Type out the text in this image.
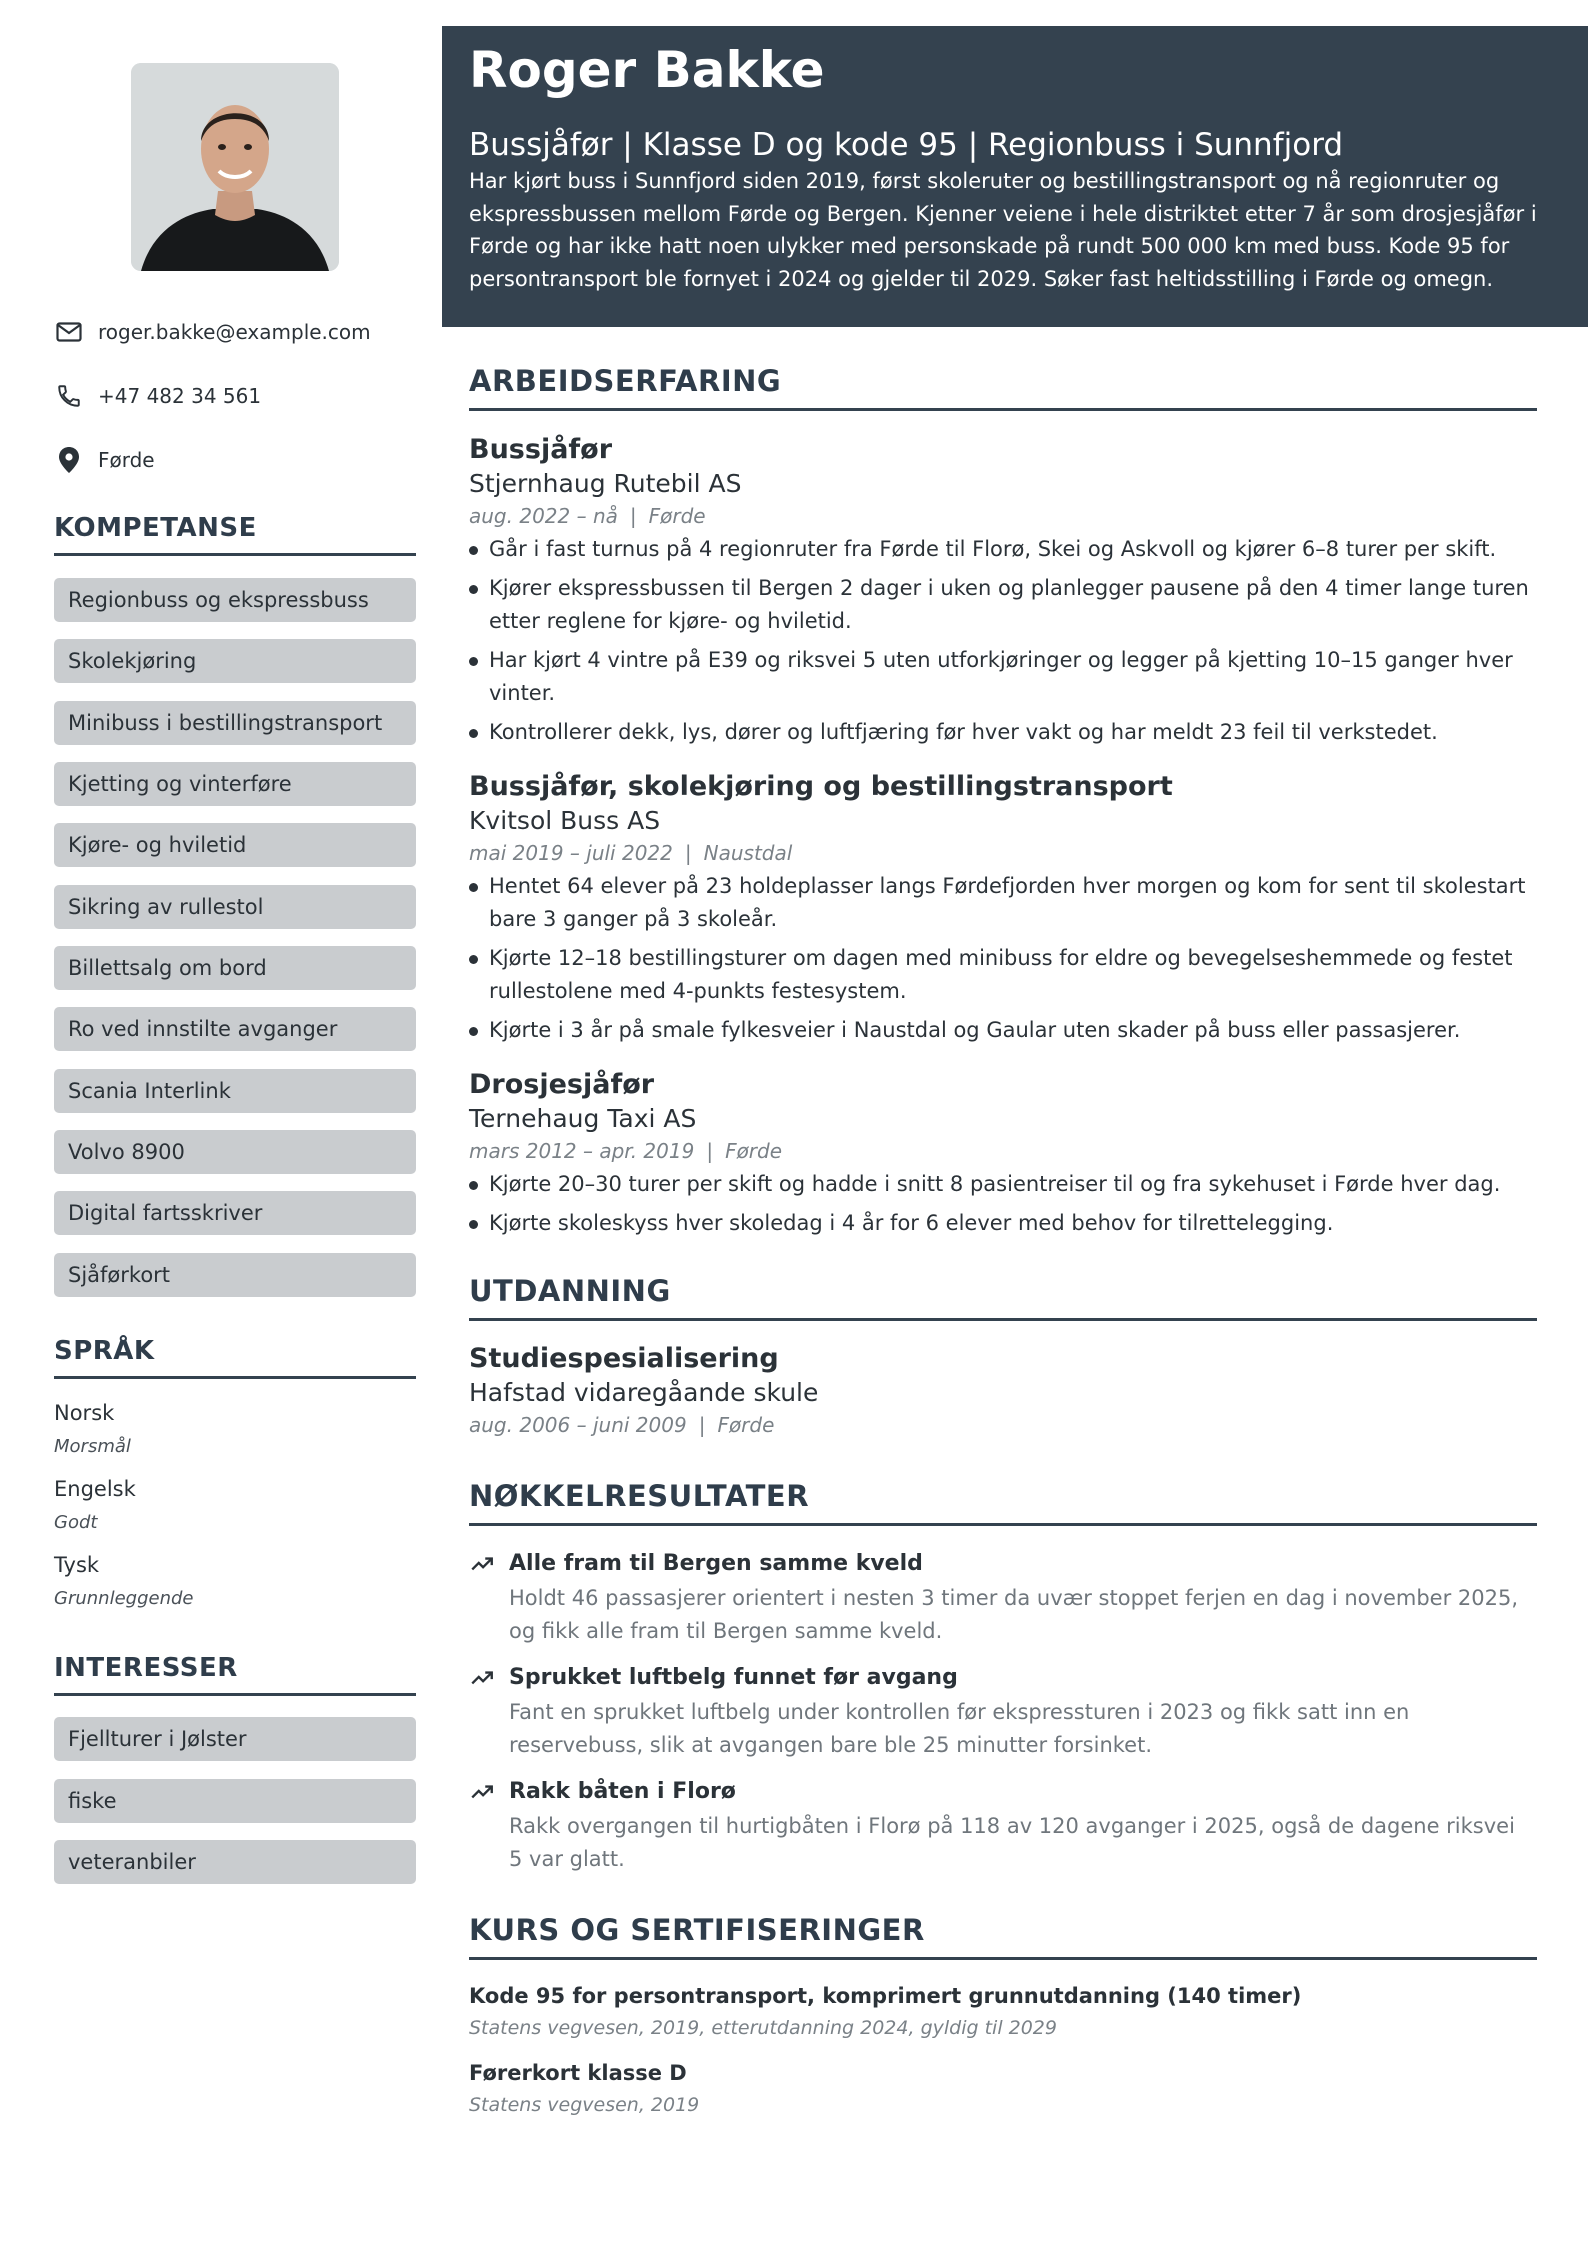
roger.bakke@example.com
+47 482 34 561
Førde
KOMPETANSE
Regionbuss og ekspressbuss
Skolekjøring
Minibuss i bestillingstransport
Kjetting og vinterføre
Kjøre- og hviletid
Sikring av rullestol
Billettsalg om bord
Ro ved innstilte avganger
Scania Interlink
Volvo 8900
Digital fartsskriver
Sjåførkort
SPRÅK
Norsk
Morsmål
Engelsk
Godt
Tysk
Grunnleggende
INTERESSER
Fjellturer i Jølster
fiske
veteranbiler
Roger Bakke
Bussjåfør | Klasse D og kode 95 | Regionbuss i Sunnfjord
Har kjørt buss i Sunnfjord siden 2019, først skoleruter og bestillingstransport og nå regionruter og ekspressbussen mellom Førde og Bergen. Kjenner veiene i hele distriktet etter 7 år som drosjesjåfør i Førde og har ikke hatt noen ulykker med personskade på rundt 500 000 km med buss. Kode 95 for persontransport ble fornyet i 2024 og gjelder til 2029. Søker fast heltidsstilling i Førde og omegn.
ARBEIDSERFARING
Bussjåfør
Stjernhaug Rutebil AS
aug. 2022 – nå | Førde
Går i fast turnus på 4 regionruter fra Førde til Florø, Skei og Askvoll og kjører 6–8 turer per skift.
Kjører ekspressbussen til Bergen 2 dager i uken og planlegger pausene på den 4 timer lange turen etter reglene for kjøre- og hviletid.
Har kjørt 4 vintre på E39 og riksvei 5 uten utforkjøringer og legger på kjetting 10–15 ganger hver vinter.
Kontrollerer dekk, lys, dører og luftfjæring før hver vakt og har meldt 23 feil til verkstedet.
Bussjåfør, skolekjøring og bestillingstransport
Kvitsol Buss AS
mai 2019 – juli 2022 | Naustdal
Hentet 64 elever på 23 holdeplasser langs Førdefjorden hver morgen og kom for sent til skolestart bare 3 ganger på 3 skoleår.
Kjørte 12–18 bestillingsturer om dagen med minibuss for eldre og bevegelseshemmede og festet rullestolene med 4-punkts festesystem.
Kjørte i 3 år på smale fylkesveier i Naustdal og Gaular uten skader på buss eller passasjerer.
Drosjesjåfør
Ternehaug Taxi AS
mars 2012 – apr. 2019 | Førde
Kjørte 20–30 turer per skift og hadde i snitt 8 pasientreiser til og fra sykehuset i Førde hver dag.
Kjørte skoleskyss hver skoledag i 4 år for 6 elever med behov for tilrettelegging.
UTDANNING
Studiespesialisering
Hafstad vidaregåande skule
aug. 2006 – juni 2009 | Førde
NØKKELRESULTATER
Alle fram til Bergen samme kveld
Holdt 46 passasjerer orientert i nesten 3 timer da uvær stoppet ferjen en dag i november 2025, og fikk alle fram til Bergen samme kveld.
Sprukket luftbelg funnet før avgang
Fant en sprukket luftbelg under kontrollen før ekspressturen i 2023 og fikk satt inn en reservebuss, slik at avgangen bare ble 25 minutter forsinket.
Rakk båten i Florø
Rakk overgangen til hurtigbåten i Florø på 118 av 120 avganger i 2025, også de dagene riksvei 5 var glatt.
KURS OG SERTIFISERINGER
Kode 95 for persontransport, komprimert grunnutdanning (140 timer)
Statens vegvesen, 2019, etterutdanning 2024, gyldig til 2029
Førerkort klasse D
Statens vegvesen, 2019
